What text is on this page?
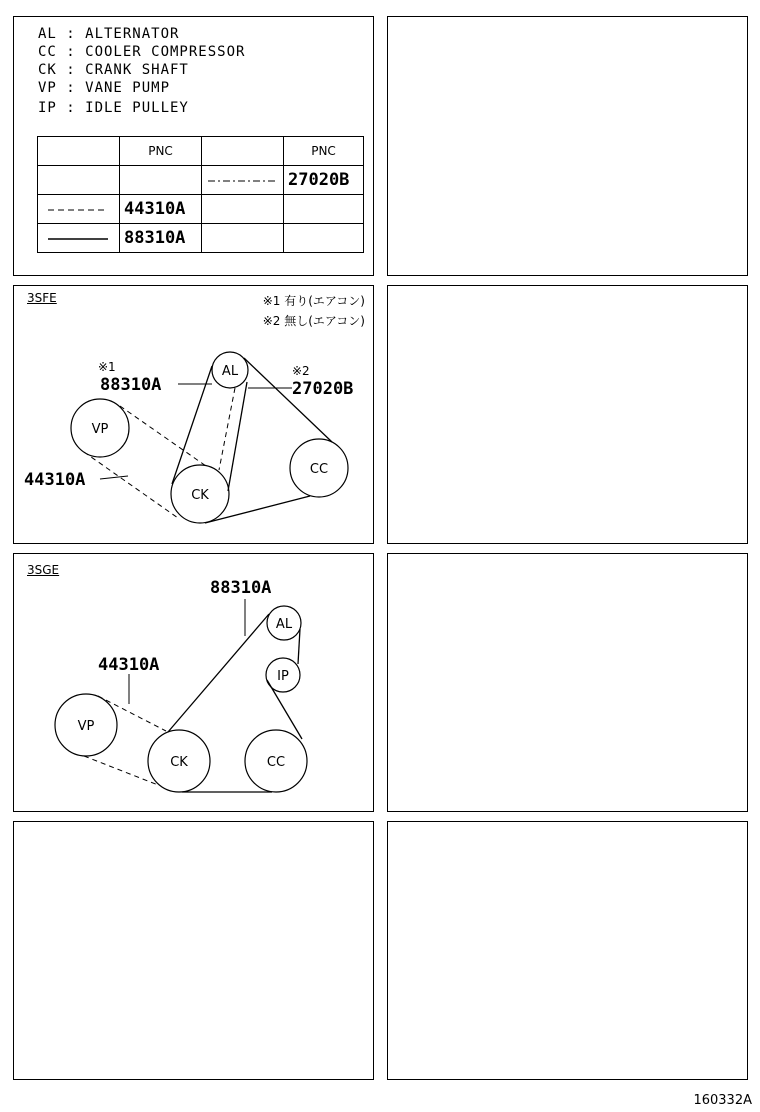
AL : ALTERNATOR
CC : COOLER COMPRESSOR
CK : CRANK SHAFT
VP : VANE PUMP
IP : IDLE PULLEY
	PNC		PNC
			27020B
	44310A		
	88310A		
3SFE	※1 有り(エアコン)
※2 無し(エアコン)
AL
VP
CK
CC
※1
88310A
※2
27020B
44310A
3SGE
AL
IP
VP
CK	CC
88310A
44310A
160332A
